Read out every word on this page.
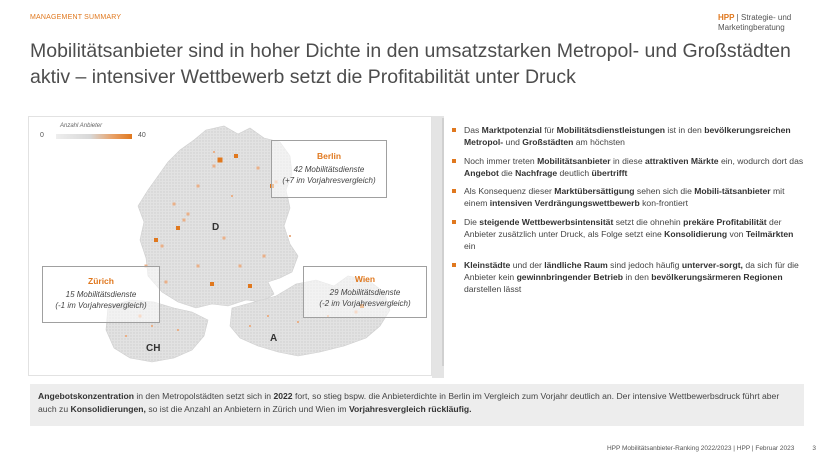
MANAGEMENT SUMMARY	HPP | Strategie- und
Marketingberatung
Mobilitätsanbieter sind in hoher Dichte in den umsatzstarken Metropol- und Großstädten aktiv – intensiver Wettbewerb setzt die Profitabilität unter Druck
Anzahl Anbieter
0	40
D
A
CH
Berlin
42 Mobilitätsdienste
(+7 im Vorjahresvergleich)
Wien
29 Mobilitätsdienste
(-2 im Vorjahresvergleich)
Zürich
15 Mobilitätsdienste
(-1 im Vorjahresvergleich)
Das Marktpotenzial für Mobilitätsdienstleistungen ist in den bevölkerungsreichen Metropol- und Großstädten am höchsten
Noch immer treten Mobilitätsanbieter in diese attraktiven Märkte ein, wodurch dort das Angebot die Nachfrage deutlich übertrifft
Als Konsequenz dieser Marktübersättigung sehen sich die Mobili-tätsanbieter mit einem intensiven Verdrängungswettbewerb kon-frontiert
Die steigende Wettbewerbsintensität setzt die ohnehin prekäre Profitabilität der Anbieter zusätzlich unter Druck, als Folge setzt eine Konsolidierung von Teilmärkten ein
Kleinstädte und der ländliche Raum sind jedoch häufig unterver-sorgt, da sich für die Anbieter kein gewinnbringender Betrieb in den bevölkerungsärmeren Regionen darstellen lässt
Angebotskonzentration in den Metropolstädten setzt sich in 2022 fort, so stieg bspw. die Anbieterdichte in Berlin im Vergleich zum Vorjahr deutlich an. Der intensive Wettbewerbsdruck führt aber auch zu Konsolidierungen, so ist die Anzahl an Anbietern in Zürich und Wien im Vorjahresvergleich rückläufig.
HPP Mobilitätsanbieter-Ranking 2022/2023 | HPP | Februar 2023	3
